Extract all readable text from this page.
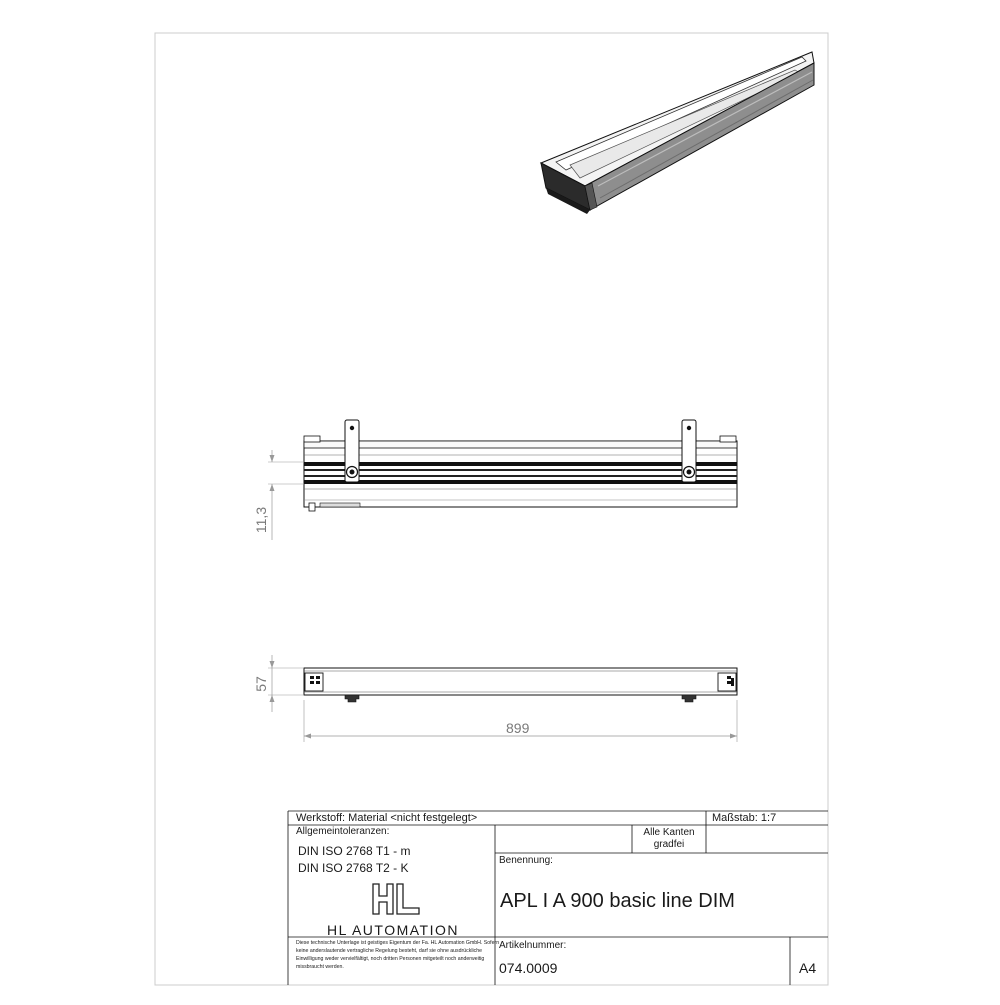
11,3
57
899
Werkstoff: Material <nicht festgelegt>	Maßstab: 1:7
Allgemeintoleranzen:
DIN ISO 2768 T1 - m
DIN ISO 2768 T2 - K
Alle Kanten
gradfei
Benennung:
APL I A 900 basic line DIM
HL AUTOMATION
Diese technische Unterlage ist geistiges Eigentum der Fa. HL Automation GmbH. Sofern keine anderslautende vertragliche Regelung besteht, darf sie ohne ausdrückliche Einwilligung weder vervielfältigt, noch dritten Personen mitgeteilt noch anderweitig missbraucht werden.
Artikelnummer:
074.0009	A4
